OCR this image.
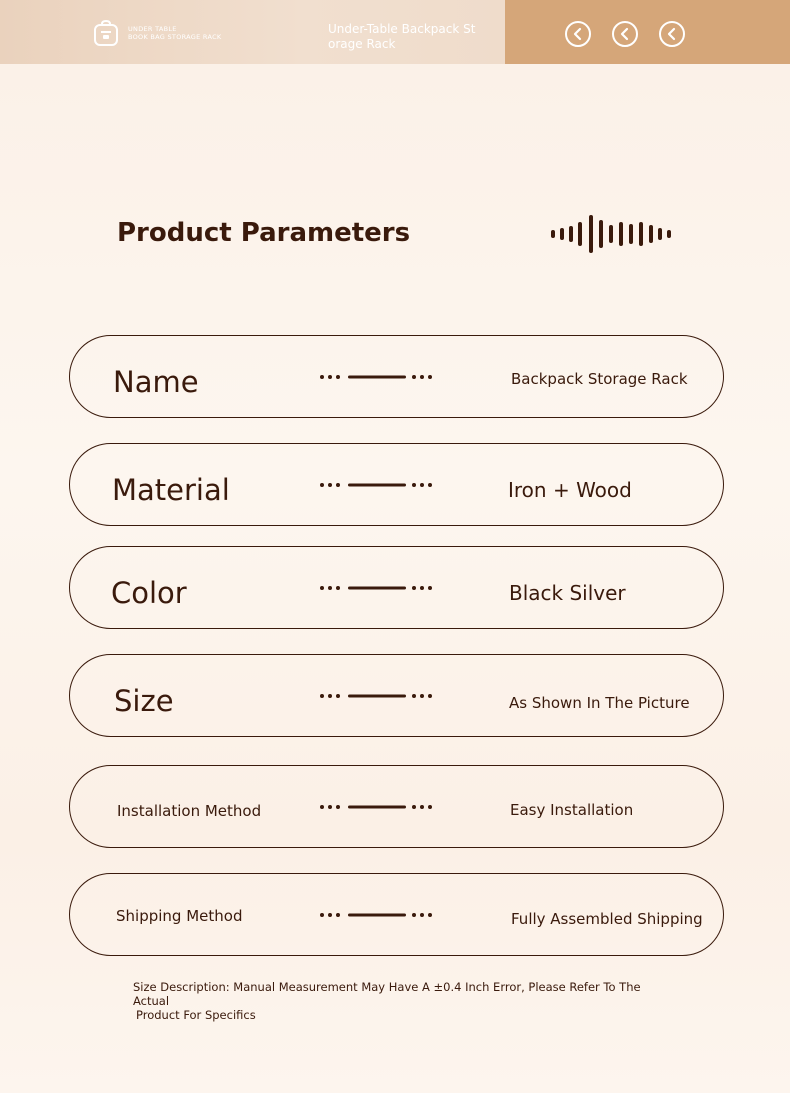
UNDER TABLE
BOOK BAG STORAGE RACK
Under-Table Backpack Storage Rack
Product Parameters
Name	Backpack Storage Rack
Material	Iron + Wood
Color	Black Silver
Size	As Shown In The Picture
Installation Method	Easy Installation
Shipping Method	Fully Assembled Shipping
Size Description: Manual Measurement May Have A ±0.4 Inch Error, Please Refer To The Actual
Product For Specifics
